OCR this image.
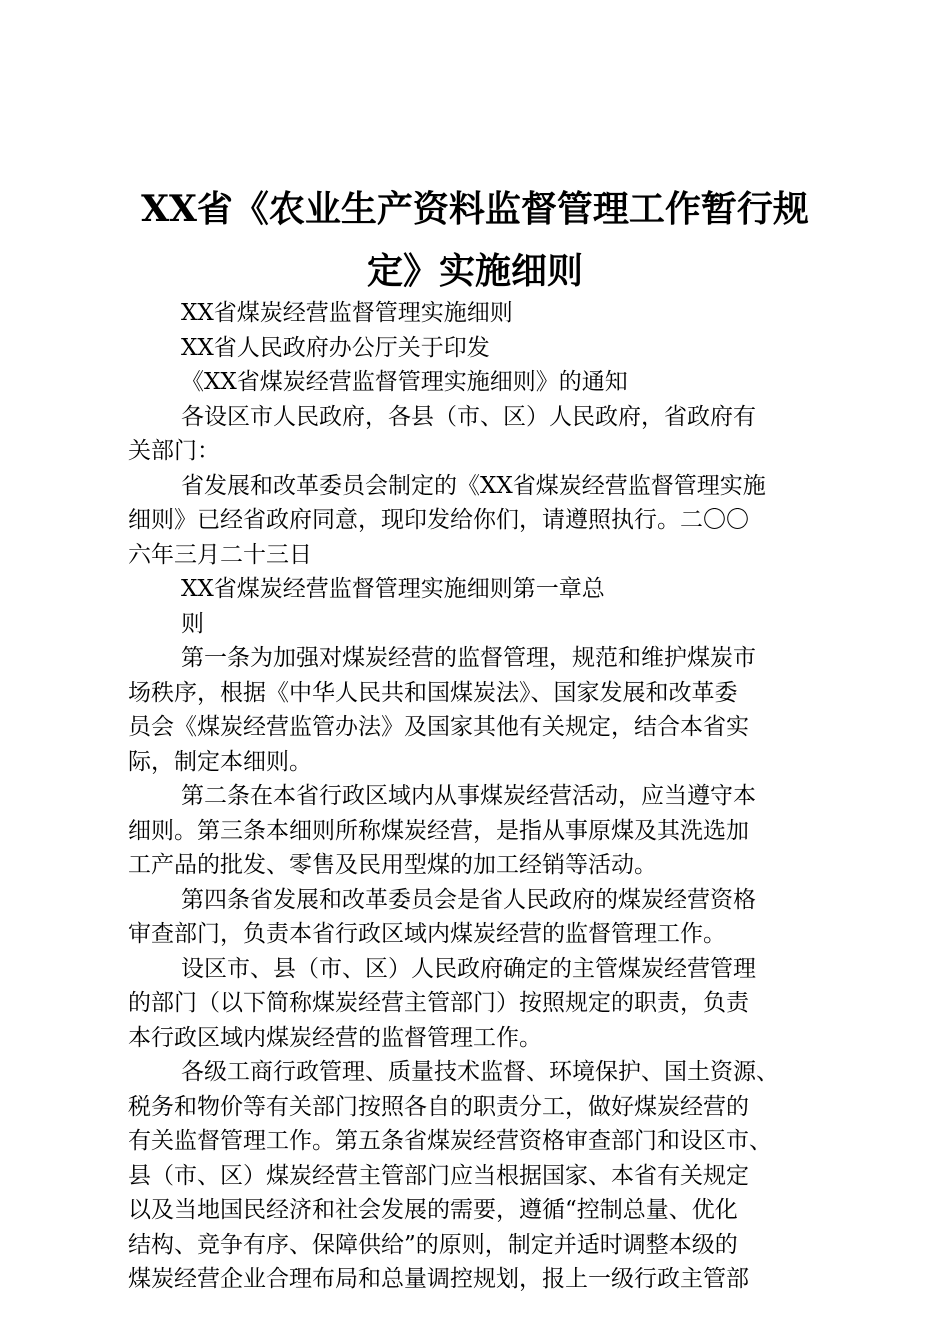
XX省《农业生产资料监督管理工作暂行规
定》实施细则
XX省煤炭经营监督管理实施细则
XX省人民政府办公厅关于印发
《XX省煤炭经营监督管理实施细则》的通知
各设区市人民政府，各县（市、区）人民政府，省政府有
关部门：
省发展和改革委员会制定的《XX省煤炭经营监督管理实施
细则》已经省政府同意，现印发给你们，请遵照执行。二〇〇
六年三月二十三日
XX省煤炭经营监督管理实施细则第一章总
则
第一条为加强对煤炭经营的监督管理，规范和维护煤炭市
场秩序，根据《中华人民共和国煤炭法》、国家发展和改革委
员会《煤炭经营监管办法》及国家其他有关规定，结合本省实
际，制定本细则。
第二条在本省行政区域内从事煤炭经营活动，应当遵守本
细则。第三条本细则所称煤炭经营，是指从事原煤及其洗选加
工产品的批发、零售及民用型煤的加工经销等活动。
第四条省发展和改革委员会是省人民政府的煤炭经营资格
审查部门，负责本省行政区域内煤炭经营的监督管理工作。
设区市、县（市、区）人民政府确定的主管煤炭经营管理
的部门（以下简称煤炭经营主管部门）按照规定的职责，负责
本行政区域内煤炭经营的监督管理工作。
各级工商行政管理、质量技术监督、环境保护、国土资源、
税务和物价等有关部门按照各自的职责分工，做好煤炭经营的
有关监督管理工作。第五条省煤炭经营资格审查部门和设区市、
县（市、区）煤炭经营主管部门应当根据国家、本省有关规定
以及当地国民经济和社会发展的需要，遵循“控制总量、优化
结构、竞争有序、保障供给”的原则，制定并适时调整本级的
煤炭经营企业合理布局和总量调控规划，报上一级行政主管部
